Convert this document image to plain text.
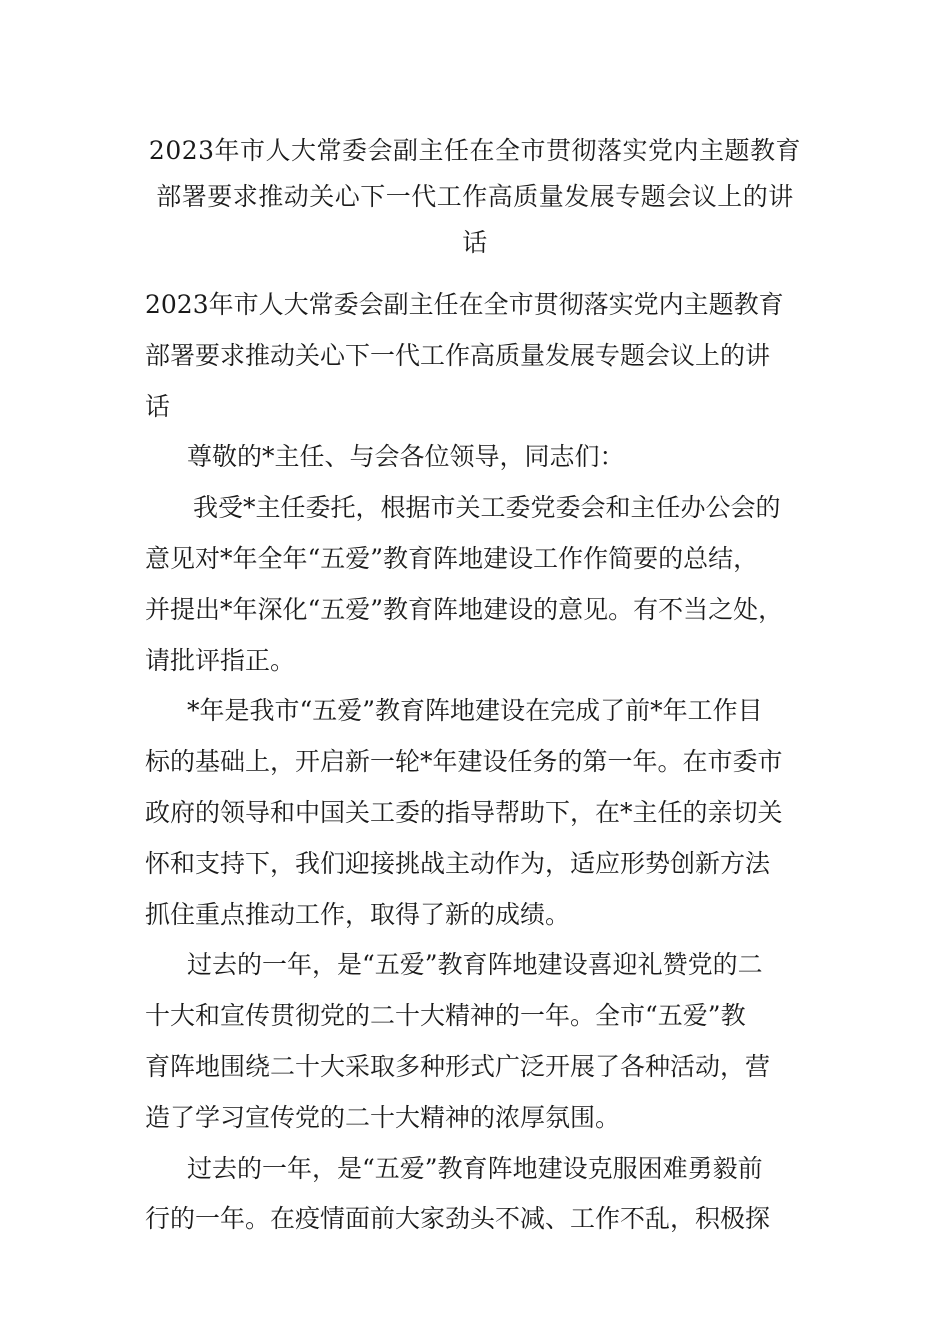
2023年市人大常委会副主任在全市贯彻落实党内主题教育
部署要求推动关心下一代工作高质量发展专题会议上的讲
话
2023年市人大常委会副主任在全市贯彻落实党内主题教育
部署要求推动关心下一代工作高质量发展专题会议上的讲
话
尊敬的*主任、与会各位领导，同志们：
我受*主任委托，根据市关工委党委会和主任办公会的
意见对*年全年“五爱”教育阵地建设工作作简要的总结，
并提出*年深化“五爱”教育阵地建设的意见。有不当之处，
请批评指正。
*年是我市“五爱”教育阵地建设在完成了前*年工作目
标的基础上，开启新一轮*年建设任务的第一年。在市委市
政府的领导和中国关工委的指导帮助下，在*主任的亲切关
怀和支持下，我们迎接挑战主动作为，适应形势创新方法
抓住重点推动工作，取得了新的成绩。
过去的一年，是“五爱”教育阵地建设喜迎礼赞党的二
十大和宣传贯彻党的二十大精神的一年。全市“五爱”教
育阵地围绕二十大采取多种形式广泛开展了各种活动，营
造了学习宣传党的二十大精神的浓厚氛围。
过去的一年，是“五爱”教育阵地建设克服困难勇毅前
行的一年。在疫情面前大家劲头不减、工作不乱，积极探
